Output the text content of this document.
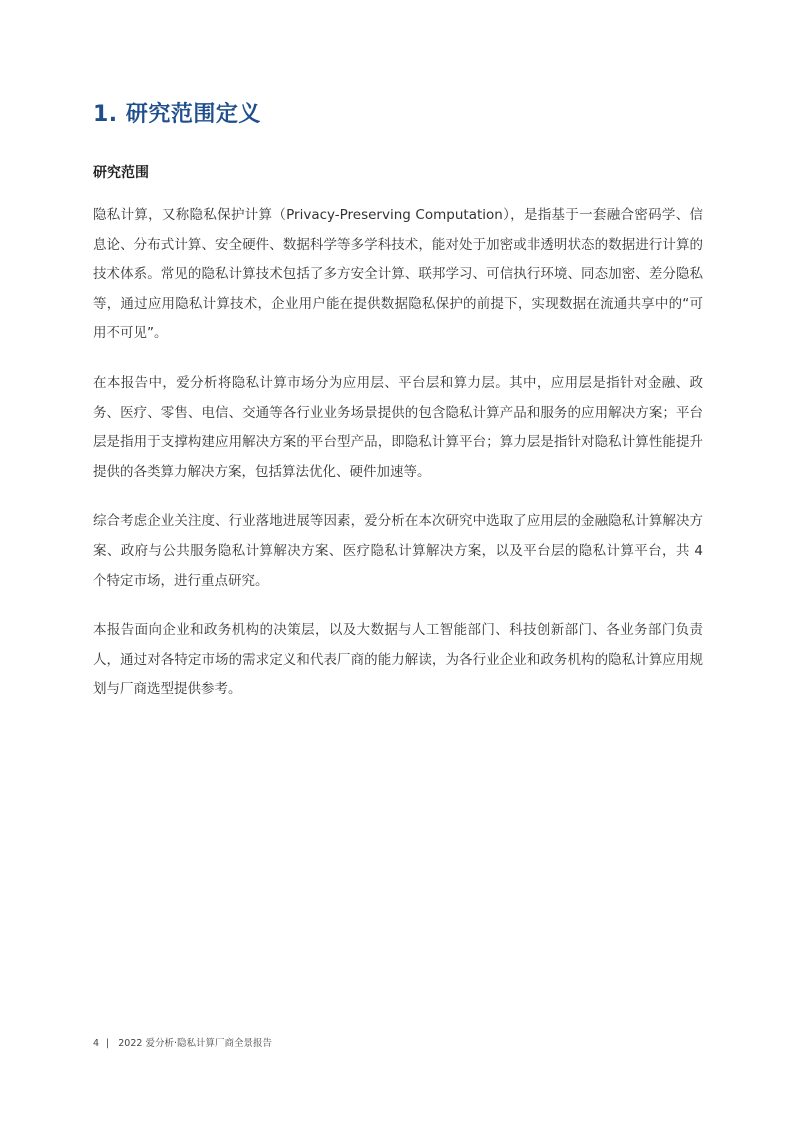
1. 研究范围定义
研究范围

隐私计算，又称隐私保护计算（Privacy-Preserving Computation），是指基于一套融合密码学、信息论、分布式计算、安全硬件、数据科学等多学科技术，能对处于加密或非透明状态的数据进行计算的技术体系。常见的隐私计算技术包括了多方安全计算、联邦学习、可信执行环境、同态加密、差分隐私等，通过应用隐私计算技术，企业用户能在提供数据隐私保护的前提下，实现数据在流通共享中的“可用不可见”。

在本报告中，爱分析将隐私计算市场分为应用层、平台层和算力层。其中，应用层是指针对金融、政务、医疗、零售、电信、交通等各行业业务场景提供的包含隐私计算产品和服务的应用解决方案；平台层是指用于支撑构建应用解决方案的平台型产品，即隐私计算平台；算力层是指针对隐私计算性能提升提供的各类算力解决方案，包括算法优化、硬件加速等。

综合考虑企业关注度、行业落地进展等因素，爱分析在本次研究中选取了应用层的金融隐私计算解决方案、政府与公共服务隐私计算解决方案、医疗隐私计算解决方案，以及平台层的隐私计算平台，共 4 个特定市场，进行重点研究。

本报告面向企业和政务机构的决策层，以及大数据与人工智能部门、科技创新部门、各业务部门负责人，通过对各特定市场的需求定义和代表厂商的能力解读，为各行业企业和政务机构的隐私计算应用规划与厂商选型提供参考。

4 | 2022 爱分析·隐私计算厂商全景报告
